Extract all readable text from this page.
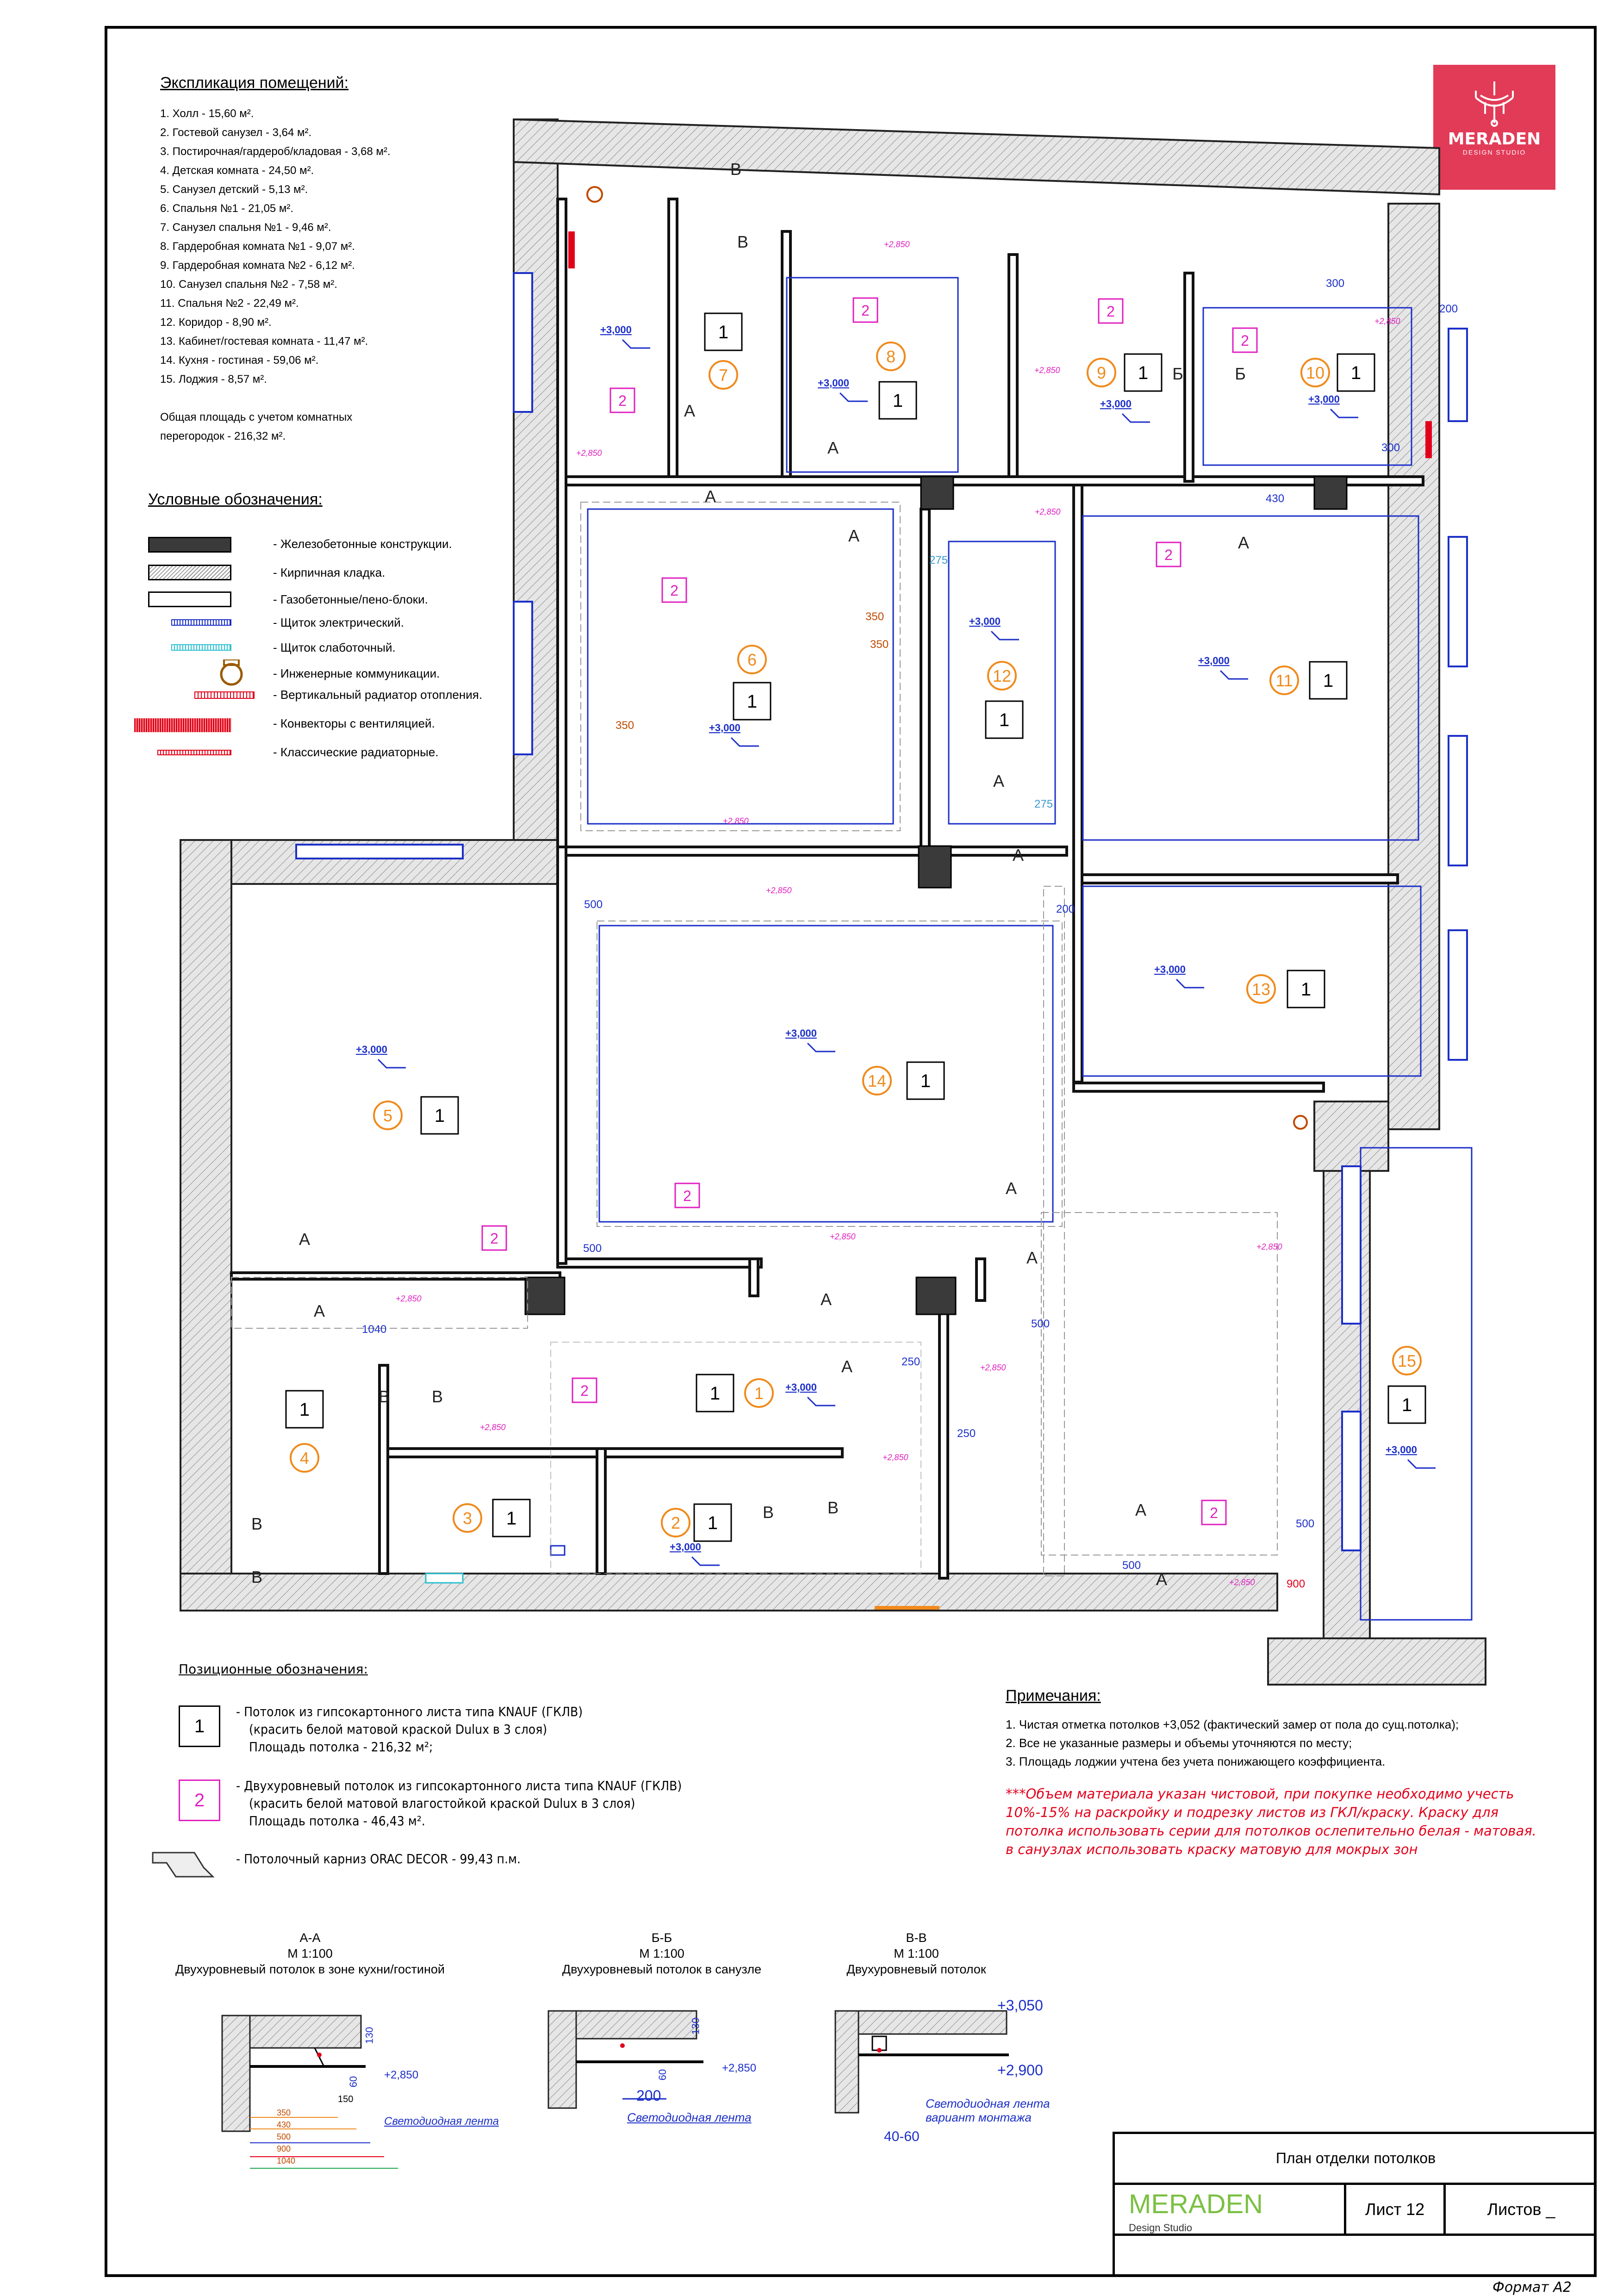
Экспликация помещений:
1. Холл - 15,60 м².
2. Гостевой санузел - 3,64 м².
3. Постирочная/гардероб/кладовая - 3,68 м².
4. Детская комната - 24,50 м².
5. Санузел детский - 5,13 м².
6. Спальня №1 - 21,05 м².
7. Санузел спальня №1 - 9,46 м².
8. Гардеробная комната №1 - 9,07 м².
9. Гардеробная комната №2 - 6,12 м².
10. Санузел спальня №2 - 7,58 м².
11. Спальня №2 - 22,49 м².
12. Коридор - 8,90 м².
13. Кабинет/гостевая комната - 11,47 м².
14. Кухня - гостиная - 59,06 м².
15. Лоджия - 8,57 м².
Общая площадь с учетом комнатных
перегородок - 216,32 м².
Условные обозначения:
- Железобетонные конструкции.
- Кирпичная кладка.
- Газобетонные/пено-блоки.
- Щиток электрический.
- Щиток слаботочный.
- Инженерные коммуникации.
- Вертикальный радиатор отопления.
- Конвекторы с вентиляцией.
- Классические радиаторные.
MERADEN
DESIGN STUDIO
1
1
2 1
3 1
4
1
5 1
6
1
7
1
8
1
9 1	10 1
11 1
12
1
13 1
14 1
15
1
+3,000
+3,000
+3,000	+3,000
+3,000
+3,000
+3,000
+3,000
+3,000
+3,000
+3,000
+3,000
+3,000
+2,850
+2,850
+2,850
+2,850
+2,850
+2,850
+2,850
+2,850
+2,850
+2,850
+2,850
+2,850
+2,850
+2,850
2
2	2
2
2
2
2
2
2
2
А
А
А
А	А
А
А
А
А
А
А
А
А
А
А
В
В
Б	Б
В	В
В	В
В
В
350
350
500	200
1040
250
250
275
275
900
430
300
200
300
500
500
500
500
350
Позиционные обозначения:
1
- Потолок из гипсокартонного листа типа KNAUF (ГКЛВ)
(красить белой матовой краской Dulux в 3 слоя)
Площадь потолка - 216,32 м²;
2
- Двухуровневый потолок из гипсокартонного листа типа KNAUF (ГКЛВ)
(красить белой матовой влагостойкой краской Dulux в 3 слоя)
Площадь потолка - 46,43 м².
- Потолочный карниз ORAC DECOR - 99,43 п.м.
Примечания:
1. Чистая отметка потолков +3,052 (фактический замер от пола до сущ.потолка);
2. Все не указанные размеры и объемы уточняются по месту;
3. Площадь лоджии учтена без учета понижающего коэффициента.
***Объем материала указан чистовой, при покупке необходимо учесть
10%-15% на раскройку и подрезку листов из ГКЛ/краску. Краску для
потолка использовать серии для потолков ослепительно белая - матовая.
в санузлах использовать краску матовую для мокрых зон
А-А
М 1:100
Двухуровневый потолок в зоне кухни/гостиной
Б-Б
М 1:100
Двухуровневый потолок в санузле
В-В
М 1:100
Двухуровневый потолок
+2,850
Светодиодная лента
+2,850
Светодиодная лента
+3,050
+2,900
Светодиодная лента
вариант монтажа
40-60
350
430
500
900
1040
130
60
150
130
60
200
План отделки потолков
MERADEN
Design Studio
Лист 12	Листов _
Формат А2
